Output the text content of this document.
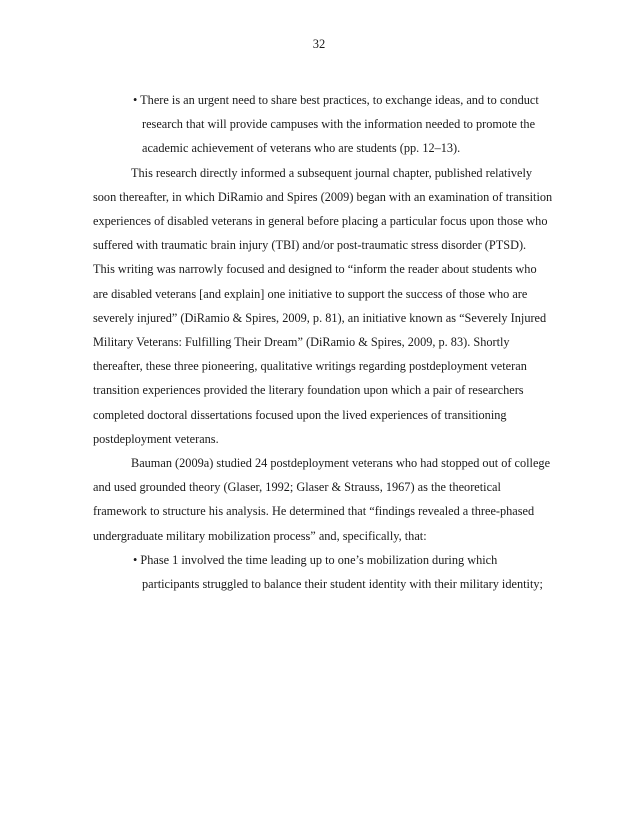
32
• There is an urgent need to share best practices, to exchange ideas, and to conduct
research that will provide campuses with the information needed to promote the
academic achievement of veterans who are students (pp. 12–13).
This research directly informed a subsequent journal chapter, published relatively
soon thereafter, in which DiRamio and Spires (2009) began with an examination of transition
experiences of disabled veterans in general before placing a particular focus upon those who
suffered with traumatic brain injury (TBI) and/or post-traumatic stress disorder (PTSD).
This writing was narrowly focused and designed to “inform the reader about students who
are disabled veterans [and explain] one initiative to support the success of those who are
severely injured” (DiRamio & Spires, 2009, p. 81), an initiative known as “Severely Injured
Military Veterans: Fulfilling Their Dream” (DiRamio & Spires, 2009, p. 83). Shortly
thereafter, these three pioneering, qualitative writings regarding postdeployment veteran
transition experiences provided the literary foundation upon which a pair of researchers
completed doctoral dissertations focused upon the lived experiences of transitioning
postdeployment veterans.
Bauman (2009a) studied 24 postdeployment veterans who had stopped out of college
and used grounded theory (Glaser, 1992; Glaser & Strauss, 1967) as the theoretical
framework to structure his analysis. He determined that “findings revealed a three-phased
undergraduate military mobilization process” and, specifically, that:
• Phase 1 involved the time leading up to one’s mobilization during which
participants struggled to balance their student identity with their military identity;
